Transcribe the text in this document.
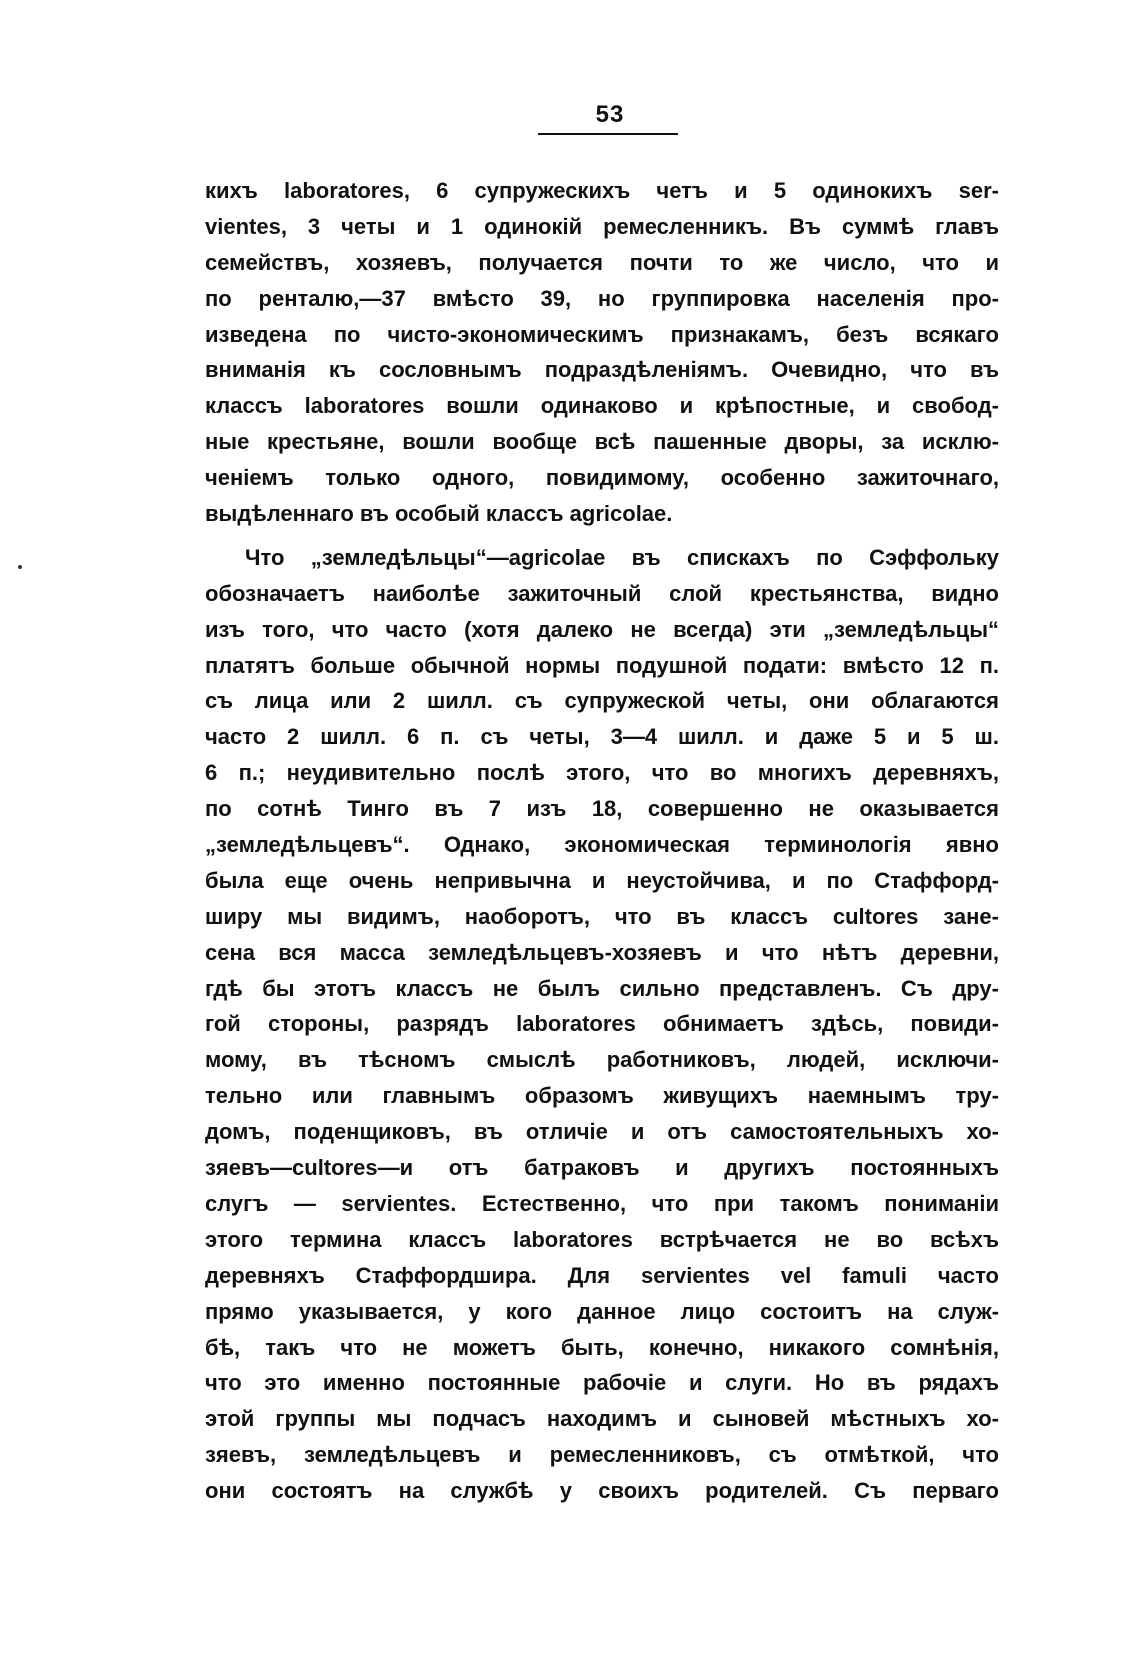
53
кихъ laboratores, 6 супружескихъ четъ и 5 одинокихъ ser-
vientes, 3 четы и 1 одинокій ремесленникъ. Въ суммѣ главъ
семействъ, хозяевъ, получается почти то же число, что и
по ренталю,—37 вмѣсто 39, но группировка населенія про-
изведена по чисто-экономическимъ признакамъ, безъ всякаго
вниманія къ сословнымъ подраздѣленіямъ. Очевидно, что въ
классъ laboratores вошли одинаково и крѣпостные, и свобод-
ные крестьяне, вошли вообще всѣ пашенные дворы, за исклю-
ченіемъ только одного, повидимому, особенно зажиточнаго,
выдѣленнаго въ особый классъ agricolae.
Что „земледѣльцы“—agricolae въ спискахъ по Сэффольку
обозначаетъ наиболѣе зажиточный слой крестьянства, видно
изъ того, что часто (хотя далеко не всегда) эти „земледѣльцы“
платятъ больше обычной нормы подушной подати: вмѣсто 12 п.
съ лица или 2 шилл. съ супружеской четы, они облагаются
часто 2 шилл. 6 п. съ четы, 3—4 шилл. и даже 5 и 5 ш.
6 п.; неудивительно послѣ этого, что во многихъ деревняхъ,
по сотнѣ Тинго въ 7 изъ 18, совершенно не оказывается
„земледѣльцевъ“. Однако, экономическая терминологія явно
была еще очень непривычна и неустойчива, и по Стаффорд-
ширу мы видимъ, наоборотъ, что въ классъ cultores зане-
сена вся масса земледѣльцевъ-хозяевъ и что нѣтъ деревни,
гдѣ бы этотъ классъ не былъ сильно представленъ. Съ дру-
гой стороны, разрядъ laboratores обнимаетъ здѣсь, повиди-
мому, въ тѣсномъ смыслѣ работниковъ, людей, исключи-
тельно или главнымъ образомъ живущихъ наемнымъ тру-
домъ, поденщиковъ, въ отличіе и отъ самостоятельныхъ хо-
зяевъ—cultores—и отъ батраковъ и другихъ постоянныхъ
слугъ — servientes. Естественно, что при такомъ пониманіи
этого термина классъ laboratores встрѣчается не во всѣхъ
деревняхъ Стаффордшира. Для servientes vel famuli часто
прямо указывается, у кого данное лицо состоитъ на служ-
бѣ, такъ что не можетъ быть, конечно, никакого сомнѣнія,
что это именно постоянные рабочіе и слуги. Но въ рядахъ
этой группы мы подчасъ находимъ и сыновей мѣстныхъ хо-
зяевъ, земледѣльцевъ и ремесленниковъ, съ отмѣткой, что
они состоятъ на службѣ у своихъ родителей. Съ перваго
